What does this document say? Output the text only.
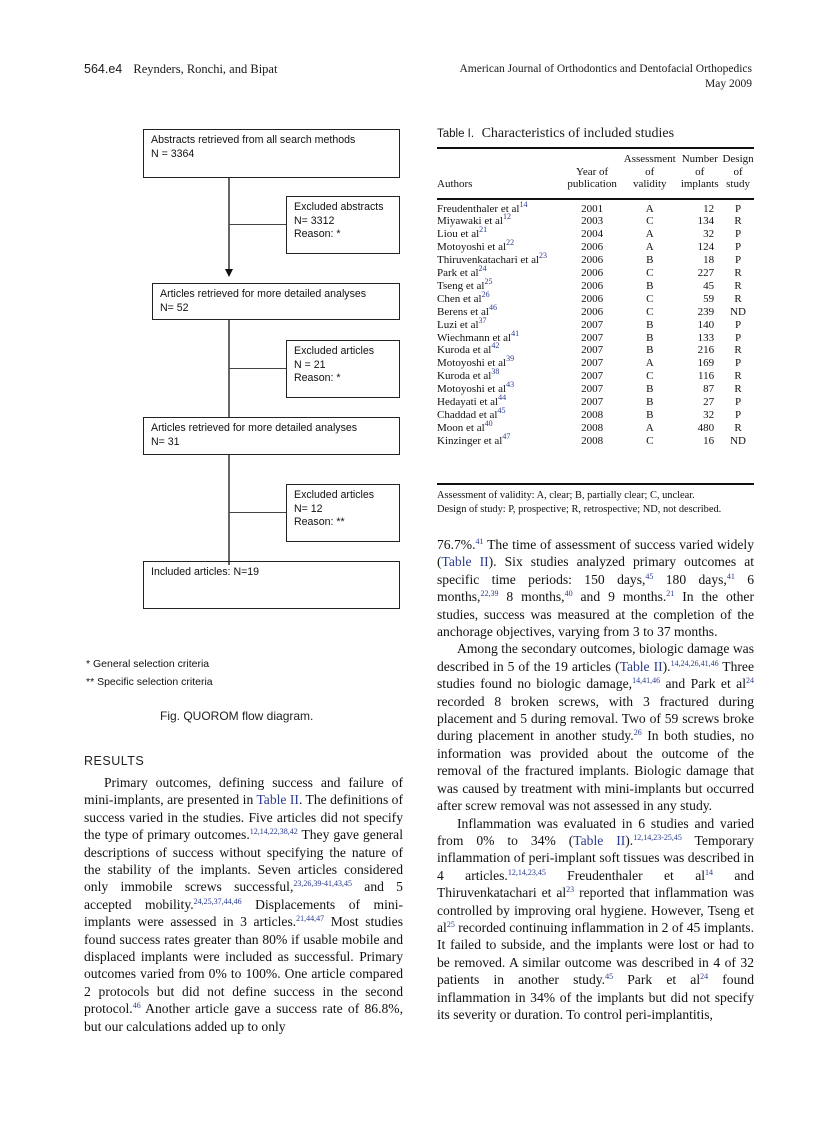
564.e4 Reynders, Ronchi, and Bipat	American Journal of Orthodontics and Dentofacial Orthopedics
May 2009
Abstracts retrieved from all search methods
N = 3364
Excluded abstracts
N= 3312
Reason: *
Articles retrieved for more detailed analyses
N= 52
Excluded articles
N = 21
Reason: *
Articles retrieved for more detailed analyses
N= 31
Excluded articles
N= 12
Reason: **
Included articles: N=19
* General selection criteria
** Specific selection criteria
Fig. QUOROM flow diagram.
Table I. Characteristics of included studies
Authors

Year of
publication

Assessment
of
validity

Number
of
implants

Design
of
study

Freudenthaler et al$^{14}$	2001	A	12	P
Miyawaki et al$^{12}$	2003	C	134	R
Liou et al$^{21}$	2004	A	32	P
Motoyoshi et al$^{22}$	2006	A	124	P
Thiruvenkatachari et al$^{23}$	2006	B	18	P
Park et al$^{24}$	2006	C	227	R
Tseng et al$^{25}$	2006	B	45	R
Chen et al$^{26}$	2006	C	59	R
Berens et al$^{46}$	2006	C	239	ND
Luzi et al$^{37}$	2007	B	140	P
Wiechmann et al$^{41}$	2007	B	133	P
Kuroda et al$^{42}$	2007	B	216	R
Motoyoshi et al$^{39}$	2007	A	169	P
Kuroda et al$^{38}$	2007	C	116	R
Motoyoshi et al$^{43}$	2007	B	87	R
Hedayati et al$^{44}$	2007	B	27	P
Chaddad et al$^{45}$	2008	B	32	P
Moon et al$^{40}$	2008	A	480	R
Kinzinger et al$^{47}$	2008	C	16	ND
Assessment of validity: A, clear; B, partially clear; C, unclear.
Design of study: P, prospective; R, retrospective; ND, not described.
RESULTS

Primary outcomes, defining success and failure of mini-implants, are presented in Table II. The definitions of success varied in the studies. Five articles did not specify the type of primary outcomes.$^{12,14,22,38,42}$ They gave general descriptions of success without specifying the nature of the stability of the implants. Seven articles considered only immobile screws successful,$^{23,26,39-41,43,45}$ and 5 accepted mobility.$^{24,25,37,44,46}$ Displacements of mini-implants were assessed in 3 articles.$^{21,44,47}$ Most studies found success rates greater than 80% if usable mobile and displaced implants were included as successful. Primary outcomes varied from 0% to 100%. One article compared 2 protocols but did not define success in the second protocol.$^{46}$ Another article gave a success rate of 86.8%, but our calculations added up to only

76.7%.$^{41}$ The time of assessment of success varied widely (Table II). Six studies analyzed primary outcomes at specific time periods: 150 days,$^{45}$ 180 days,$^{41}$ 6 months,$^{22,39}$ 8 months,$^{40}$ and 9 months.$^{21}$ In the other studies, success was measured at the completion of the anchorage objectives, varying from 3 to 37 months.

Among the secondary outcomes, biologic damage was described in 5 of the 19 articles (Table II).$^{14,24,26,41,46}$ Three studies found no biologic damage,$^{14,41,46}$ and Park et al$^{24}$ recorded 8 broken screws, with 3 fractured during placement and 5 during removal. Two of 59 screws broke during placement in another study.$^{26}$ In both studies, no information was provided about the outcome of the removal of the fractured implants. Biologic damage that was caused by treatment with mini-implants but occurred after screw removal was not assessed in any study.

Inflammation was evaluated in 6 studies and varied from 0% to 34% (Table II).$^{12,14,23-25,45}$ Temporary inflammation of peri-implant soft tissues was described in 4 articles.$^{12,14,23,45}$ Freudenthaler et al$^{14}$ and Thiruvenkatachari et al$^{23}$ reported that inflammation was controlled by improving oral hygiene. However, Tseng et al$^{25}$ recorded continuing inflammation in 2 of 45 implants. It failed to subside, and the implants were lost or had to be removed. A similar outcome was described in 4 of 32 patients in another study.$^{45}$ Park et al$^{24}$ found inflammation in 34% of the implants but did not specify its severity or duration. To control peri-implantitis,
